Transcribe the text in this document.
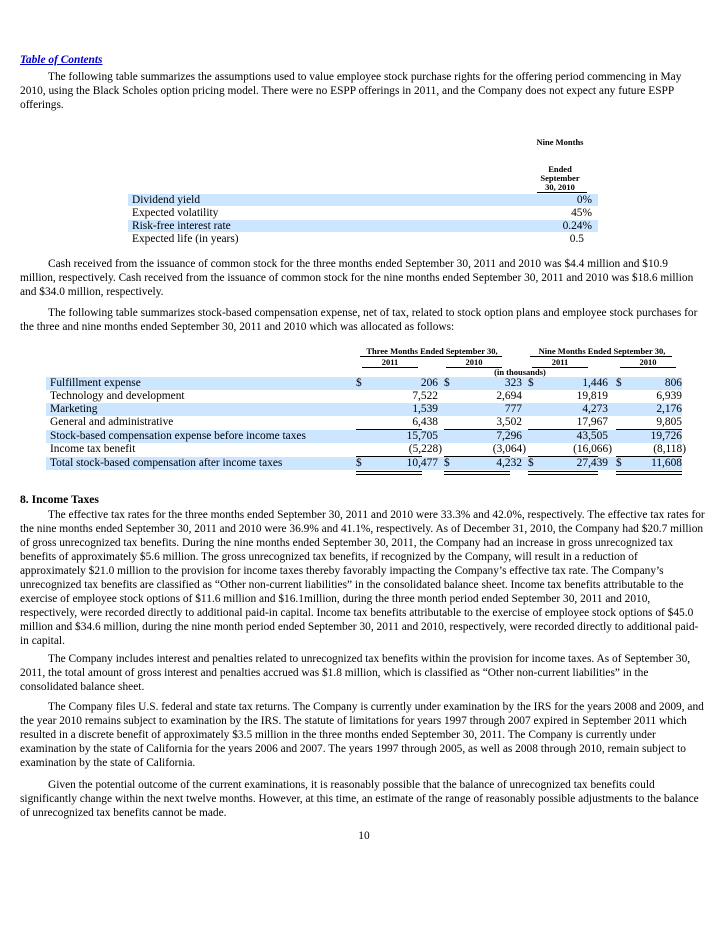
Table of Contents

The following table summarizes the assumptions used to value employee stock purchase rights for the offering period commencing in May 2010, using the Black Scholes option pricing model. There were no ESPP offerings in 2011, and the Company does not expect any future ESPP offerings.

Nine Months
Ended
September
30, 2010
Dividend yield	0%
Expected volatility	45%
Risk-free interest rate	0.24%
Expected life (in years)	0.5

Cash received from the issuance of common stock for the three months ended September 30, 2011 and 2010 was $4.4 million and $10.9 million, respectively. Cash received from the issuance of common stock for the nine months ended September 30, 2011 and 2010 was $18.6 million and $34.0 million, respectively.

The following table summarizes stock-based compensation expense, net of tax, related to stock option plans and employee stock purchases for the three and nine months ended September 30, 2011 and 2010 which was allocated as follows:

Three Months Ended September 30,	Nine Months Ended September 30,
2011	2010	2011	2010
(in thousands)
Fulfillment expense	$	206 $	323 $	1,446 $	806
Technology and development	7,522	2,694	19,819	6,939
Marketing	1,539	777	4,273	2,176
General and administrative	6,438	3,502	17,967	9,805
Stock-based compensation expense before income taxes	15,705	7,296	43,505	19,726
Income tax benefit	(5,228)	(3,064)	(16,066)	(8,118)
Total stock-based compensation after income taxes	$	10,477 $	4,232 $	27,439 $	11,608
8. Income Taxes

The effective tax rates for the three months ended September 30, 2011 and 2010 were 33.3% and 42.0%, respectively. The effective tax rates for the nine months ended September 30, 2011 and 2010 were 36.9% and 41.1%, respectively. As of December 31, 2010, the Company had $20.7 million of gross unrecognized tax benefits. During the nine months ended September 30, 2011, the Company had an increase in gross unrecognized tax benefits of approximately $5.6 million. The gross unrecognized tax benefits, if recognized by the Company, will result in a reduction of approximately $21.0 million to the provision for income taxes thereby favorably impacting the Company’s effective tax rate. The Company’s unrecognized tax benefits are classified as “Other non-current liabilities” in the consolidated balance sheet. Income tax benefits attributable to the exercise of employee stock options of $11.6 million and $16.1million, during the three month period ended September 30, 2011 and 2010, respectively, were recorded directly to additional paid-in capital. Income tax benefits attributable to the exercise of employee stock options of $45.0 million and $34.6 million, during the nine month period ended September 30, 2011 and 2010, respectively, were recorded directly to additional paid-in capital.

The Company includes interest and penalties related to unrecognized tax benefits within the provision for income taxes. As of September 30, 2011, the total amount of gross interest and penalties accrued was $1.8 million, which is classified as “Other non-current liabilities” in the consolidated balance sheet.

The Company files U.S. federal and state tax returns. The Company is currently under examination by the IRS for the years 2008 and 2009, and the year 2010 remains subject to examination by the IRS. The statute of limitations for years 1997 through 2007 expired in September 2011 which resulted in a discrete benefit of approximately $3.5 million in the three months ended September 30, 2011. The Company is currently under examination by the state of California for the years 2006 and 2007. The years 1997 through 2005, as well as 2008 through 2010, remain subject to examination by the state of California.

Given the potential outcome of the current examinations, it is reasonably possible that the balance of unrecognized tax benefits could significantly change within the next twelve months. However, at this time, an estimate of the range of reasonably possible adjustments to the balance of unrecognized tax benefits cannot be made.

10
